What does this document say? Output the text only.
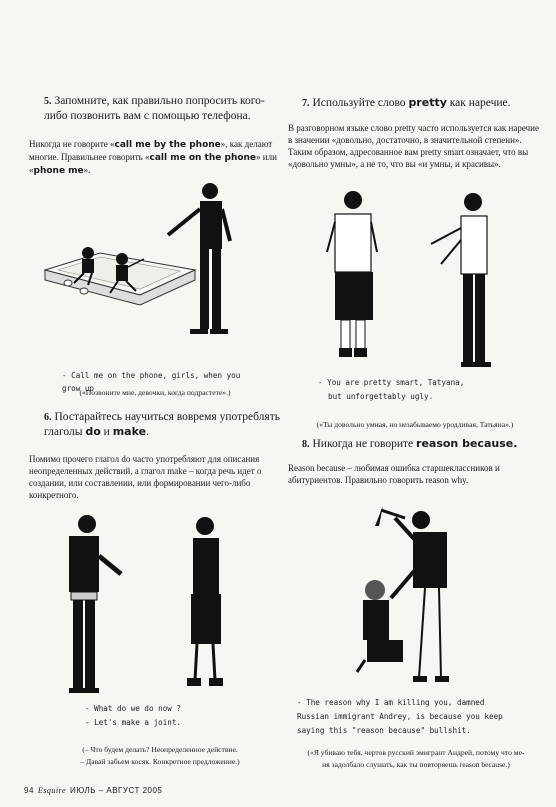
5. Запомните, как правильно попросить кого-либо позвонить вам с помощью телефона.

Никогда не говорите «call me by the phone», как делают многие. Правильнее говорить «call me on the phone» или «phone me».

- Call me on the phone, girls, when you grow up
(«Позвоните мне, девочки, когда подрастете».)

6. Постарайтесь научиться вовремя употреблять глаголы do и make.

Помимо прочего глагол do часто употребляют для описания неопределенных действий, а глагол make – когда речь идет о создании, или составлении, или формировании чего-либо конкретного.

- What do we do now ?
- Let's make a joint.
(– Что будем делать? Неопределенное действие.
– Давай забьем косяк. Конкретное предложение.)

7. Используйте слово pretty как наречие.

В разговорном языке слово pretty часто используется как наречие в значении «довольно, достаточно, в значительной степени». Таким образом, адресованное вам pretty smart означает, что вы «довольно умны», а не то, что вы «и умны, и красивы».

- You are pretty smart, Tatyana,
but unforgettably ugly.
(«Ты довольно умная, но незабываемо уродливая, Татьяна».)

8. Никогда не говорите reason because.

Reason because – любимая ошибка старшеклассников и абитуриентов. Правильно говорить reason why.

- The reason why I am killing you, damned
Russian immigrant Andrey, is because you keep
saying this "reason because" bullshit.
(«Я убиваю тебя, чертов русский эмигрант Андрей, потому что ме-
ня задолбало слушать, как ты повторяешь reason because.)
94 Esquire ИЮЛЬ – АВГУСТ 2005
